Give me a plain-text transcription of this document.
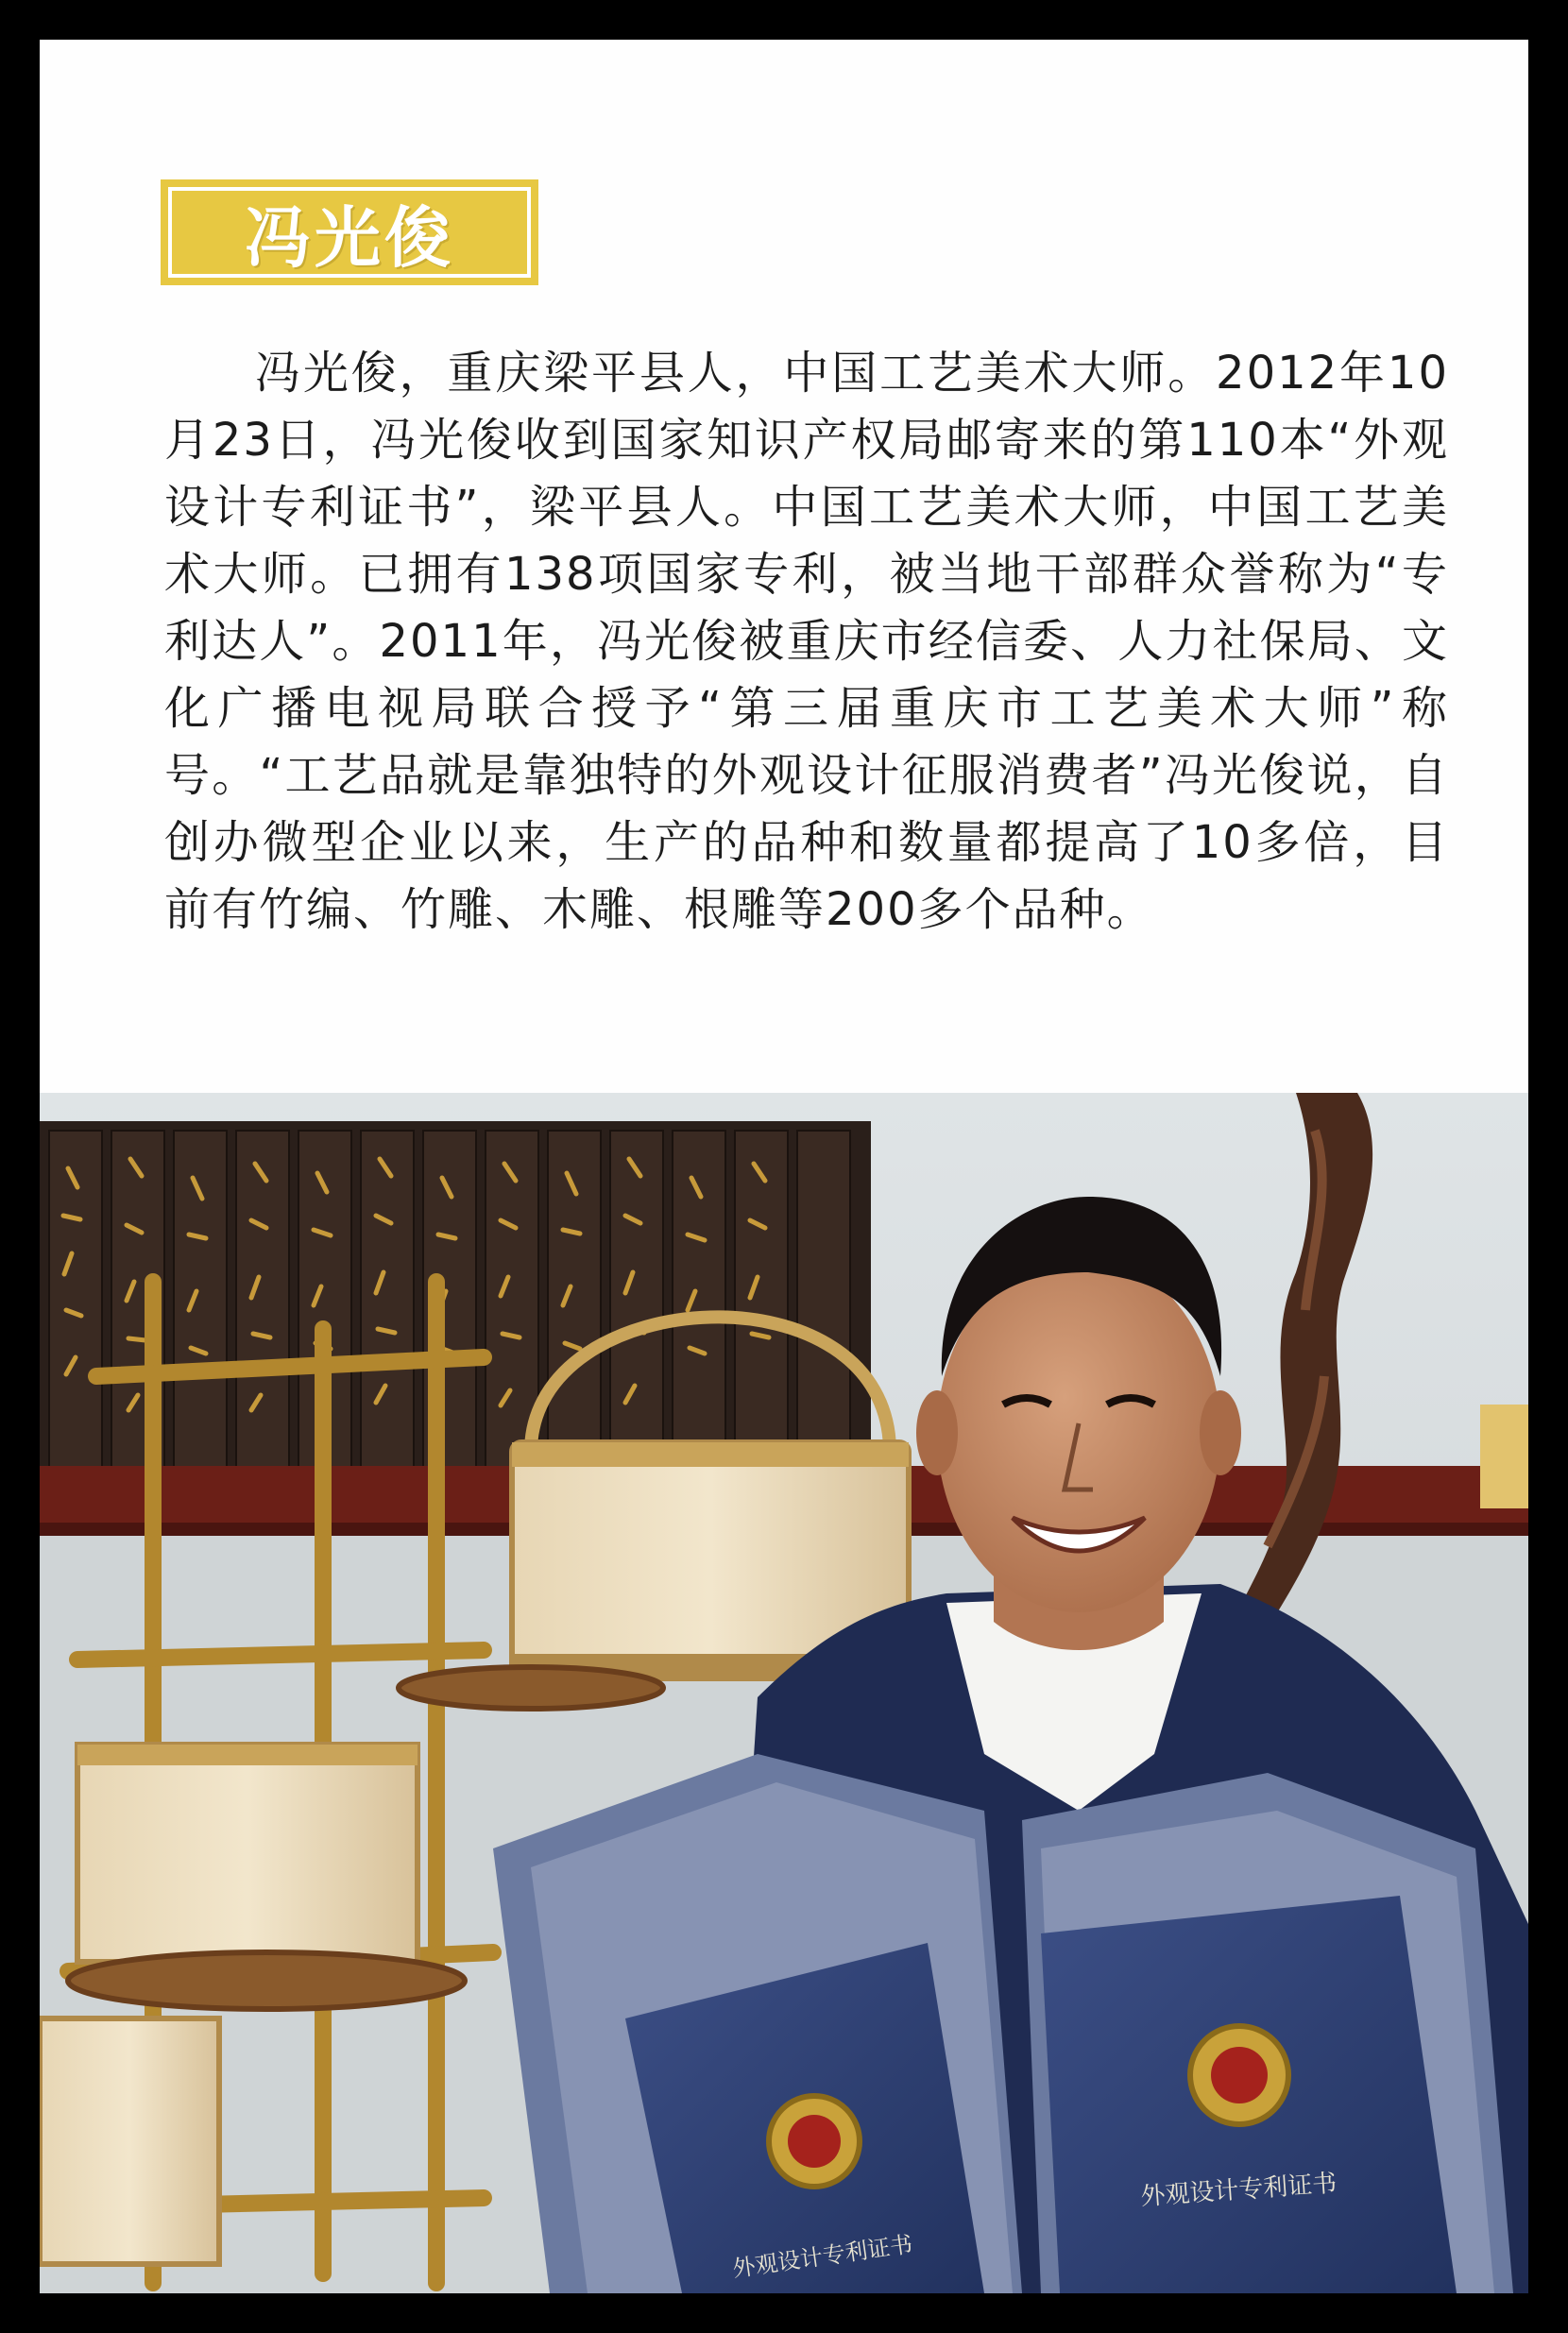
冯光俊

冯光俊，重庆梁平县人，中国工艺美术大师。2012年10月23日，冯光俊收到国家知识产权局邮寄来的第110本“外观设计专利证书”，梁平县人。中国工艺美术大师，中国工艺美术大师。已拥有138项国家专利，被当地干部群众誉称为“专利达人”。2011年，冯光俊被重庆市经信委、人力社保局、文化广播电视局联合授予“第三届重庆市工艺美术大师”称号。“工艺品就是靠独特的外观设计征服消费者”冯光俊说，自创办微型企业以来，生产的品种和数量都提高了10多倍，目前有竹编、竹雕、木雕、根雕等200多个品种。

外观设计专利证书
外观设计专利证书
